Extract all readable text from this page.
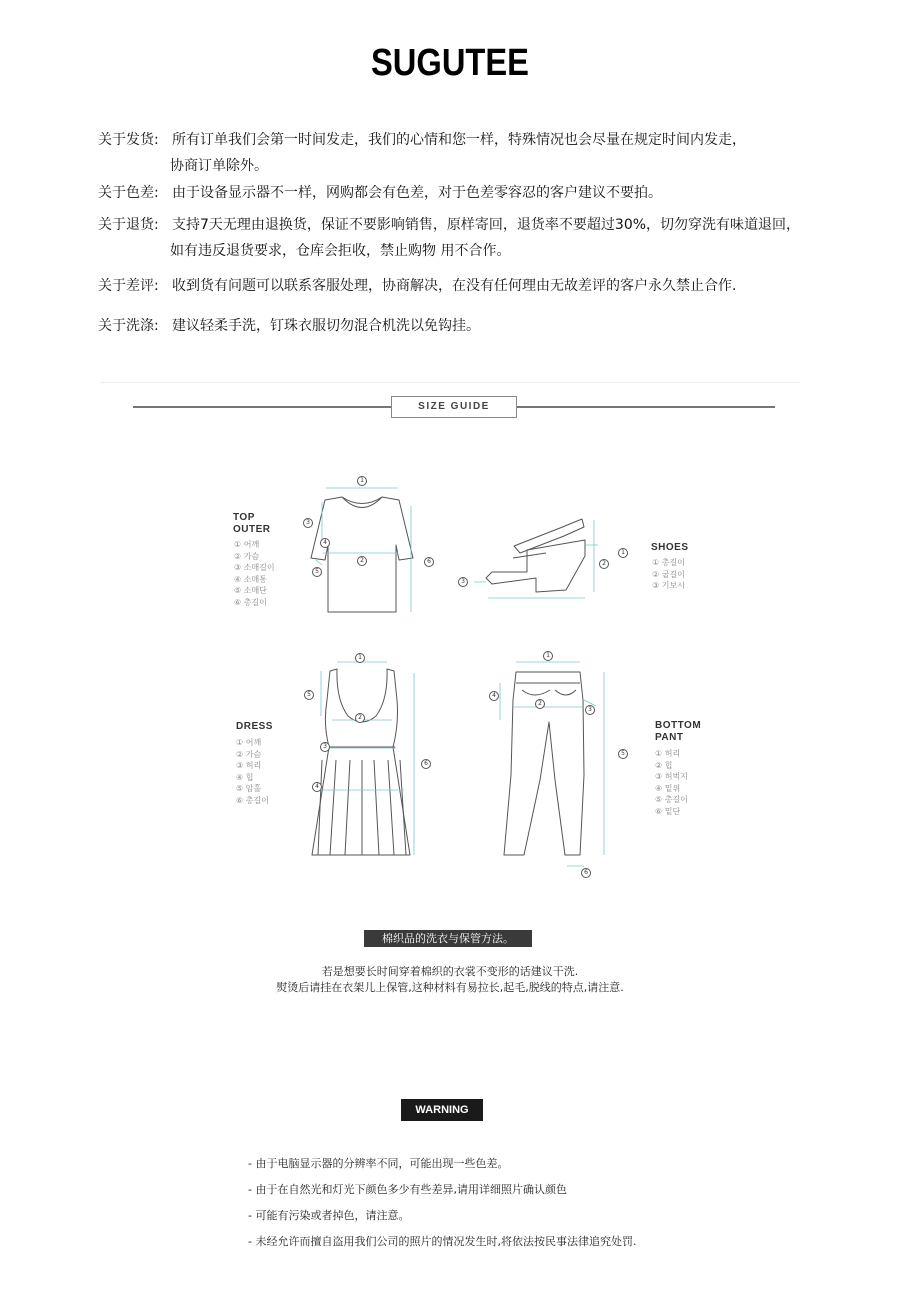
SUGUTEE
关于发货: 所有订单我们会第一时间发走，我们的心情和您一样，特殊情况也会尽量在规定时间内发走，
协商订单除外。
关于色差: 由于设备显示器不一样，网购都会有色差，对于色差零容忍的客户建议不要拍。
关于退货: 支持7天无理由退换货，保证不要影响销售，原样寄回，退货率不要超过30%，切勿穿洗有味道退回，
如有违反退货要求，仓库会拒收，禁止购物 用不合作。
关于差评: 收到货有问题可以联系客服处理，协商解决，在没有任何理由无故差评的客户永久禁止合作.
关于洗涤: 建议轻柔手洗，钉珠衣服切勿混合机洗以免钩挂。
SIZE GUIDE
1
3
4
2	6
5
1
2
3
1
5
2
3
6
4
1
4
2
3
5
6
TOP
OUTER
① 어깨
② 가슴
③ 소매길이
④ 소매통
⑤ 소매단
⑥ 총길이
SHOES
① 총길이
② 굽길이
③ 기보시
DRESS
① 어깨
② 가슴
③ 허리
④ 힙
⑤ 암홀
⑥ 총길이
BOTTOM
PANT
① 허리
② 힙
③ 허벅지
④ 밑위
⑤ 총길이
⑥ 밑단
棉织品的洗衣与保管方法。
若是想要长时间穿着棉织的衣裳不变形的话建议干洗.
熨烫后请挂在衣架儿上保管,这种材料有易拉长,起毛,脱线的特点,请注意.
WARNING
- 由于电脑显示器的分辨率不同，可能出现一些色差。
- 由于在自然光和灯光下颜色多少有些差异,请用详细照片确认颜色
- 可能有污染或者掉色，请注意。
- 未经允许而擅自盗用我们公司的照片的情况发生时,将依法按民事法律追究处罚.
